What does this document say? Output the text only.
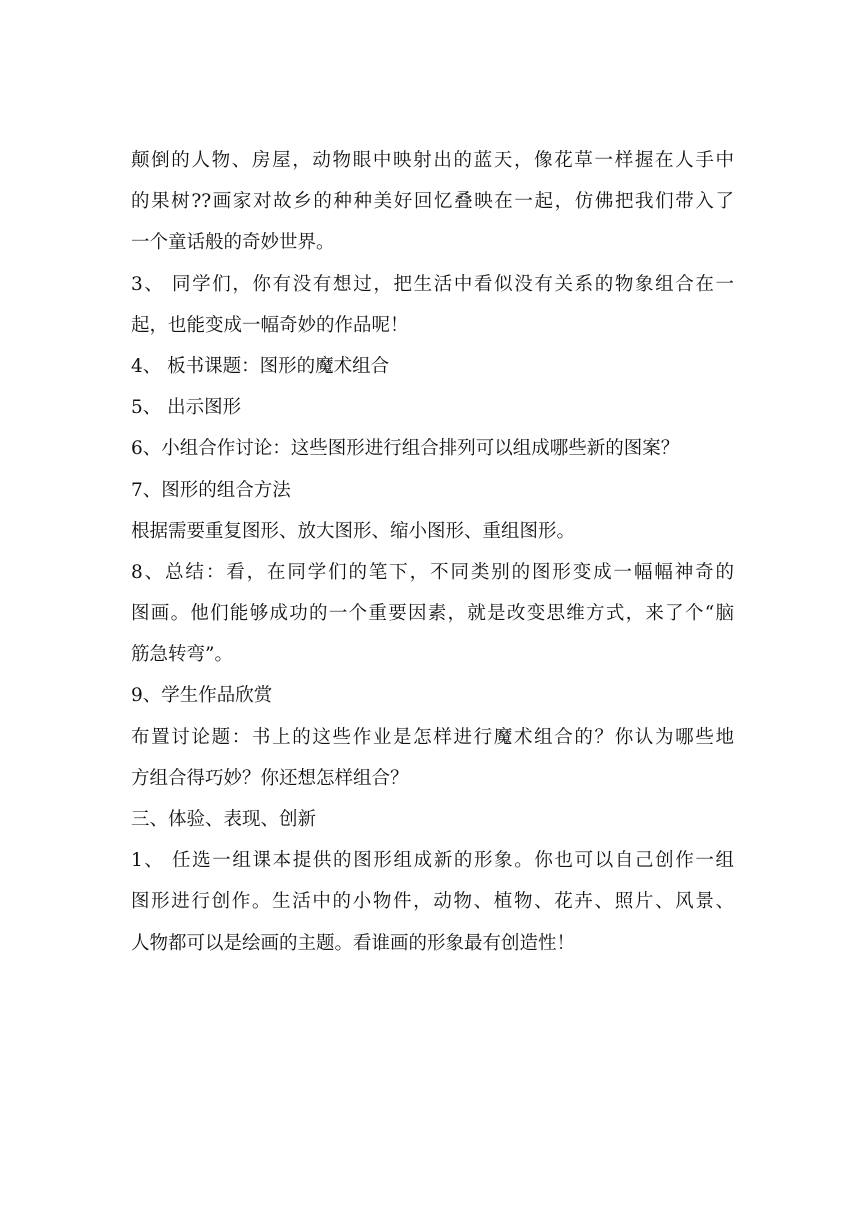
颠倒的人物、房屋，动物眼中映射出的蓝天，像花草一样握在人手中
的果树??画家对故乡的种种美好回忆叠映在一起，仿佛把我们带入了
一个童话般的奇妙世界。
3、 同学们，你有没有想过，把生活中看似没有关系的物象组合在一
起，也能变成一幅奇妙的作品呢！
4、 板书课题：图形的魔术组合
5、 出示图形
6、小组合作讨论：这些图形进行组合排列可以组成哪些新的图案？
7、图形的组合方法
根据需要重复图形、放大图形、缩小图形、重组图形。
8、总结：看，在同学们的笔下，不同类别的图形变成一幅幅神奇的
图画。他们能够成功的一个重要因素，就是改变思维方式，来了个“脑
筋急转弯”。
9、学生作品欣赏
布置讨论题：书上的这些作业是怎样进行魔术组合的？你认为哪些地
方组合得巧妙？你还想怎样组合？
三、体验、表现、创新
1、 任选一组课本提供的图形组成新的形象。你也可以自己创作一组
图形进行创作。生活中的小物件，动物、植物、花卉、照片、风景、
人物都可以是绘画的主题。看谁画的形象最有创造性！
